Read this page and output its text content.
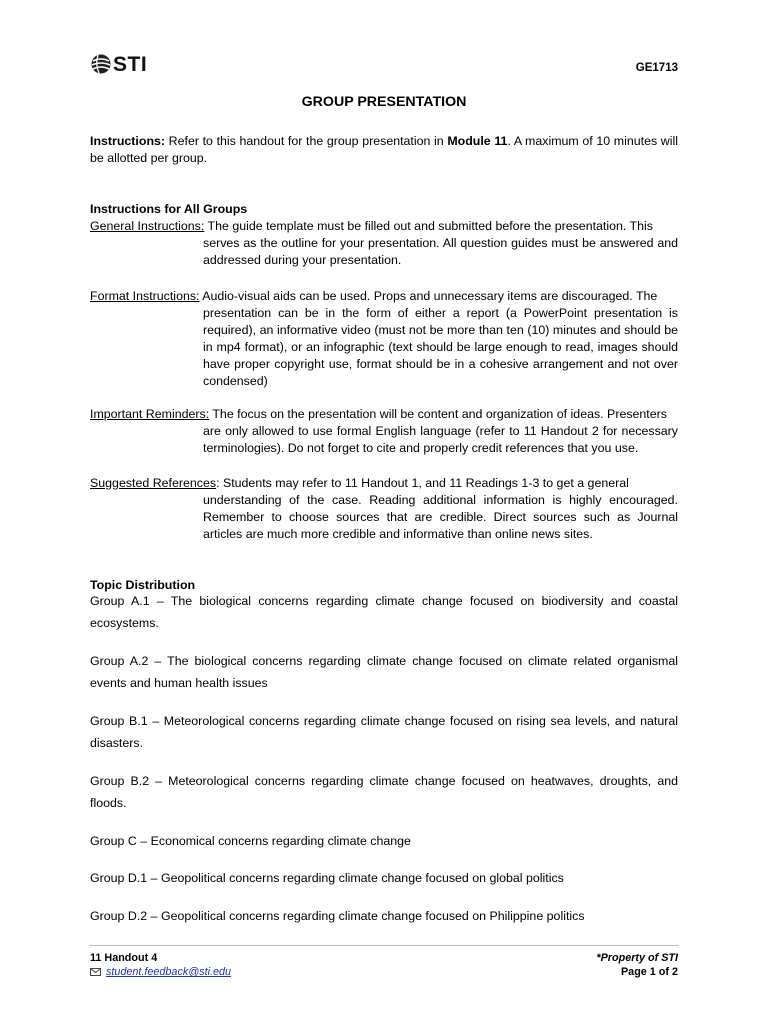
STI	GE1713
GROUP PRESENTATION
Instructions: Refer to this handout for the group presentation in Module 11. A maximum of 10 minutes will be allotted per group.
Instructions for All Groups
General Instructions: The guide template must be filled out and submitted before the presentation. This
serves as the outline for your presentation. All question guides must be answered and addressed during your presentation.
Format Instructions: Audio-visual aids can be used. Props and unnecessary items are discouraged. The
presentation can be in the form of either a report (a PowerPoint presentation is required), an informative video (must not be more than ten (10) minutes and should be in mp4 format), or an infographic (text should be large enough to read, images should have proper copyright use, format should be in a cohesive arrangement and not over condensed)
Important Reminders: The focus on the presentation will be content and organization of ideas. Presenters
are only allowed to use formal English language (refer to 11 Handout 2 for necessary terminologies). Do not forget to cite and properly credit references that you use.
Suggested References: Students may refer to 11 Handout 1, and 11 Readings 1-3 to get a general
understanding of the case. Reading additional information is highly encouraged. Remember to choose sources that are credible. Direct sources such as Journal articles are much more credible and informative than online news sites.
Topic Distribution
Group A.1 – The biological concerns regarding climate change focused on biodiversity and coastal ecosystems.
Group A.2 – The biological concerns regarding climate change focused on climate related organismal events and human health issues
Group B.1 – Meteorological concerns regarding climate change focused on rising sea levels, and natural disasters.
Group B.2 – Meteorological concerns regarding climate change focused on heatwaves, droughts, and floods.
Group C – Economical concerns regarding climate change
Group D.1 – Geopolitical concerns regarding climate change focused on global politics
Group D.2 – Geopolitical concerns regarding climate change focused on Philippine politics
11 Handout 4
student.feedback@sti.edu
*Property of STI
Page 1 of 2
